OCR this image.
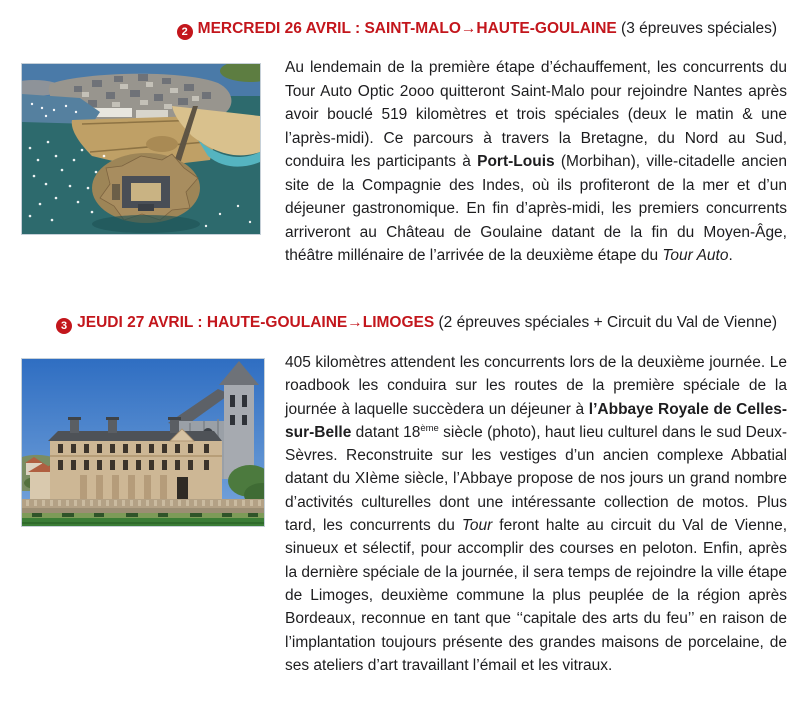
2 MERCREDI 26 AVRIL : SAINT-MALO→HAUTE-GOULAINE (3 épreuves spéciales)
Au lendemain de la première étape d’échauffement, les concurrents du Tour Auto Optic 2ooo quitteront Saint-Malo pour rejoindre Nantes après avoir bouclé 519 kilomètres et trois spéciales (deux le matin & une l’après-midi). Ce parcours à travers la Bretagne, du Nord au Sud, conduira les participants à Port-Louis (Morbihan), ville-citadelle ancien site de la Compagnie des Indes, où ils profiteront de la mer et d’un déjeuner gastronomique. En fin d’après-midi, les premiers concurrents arriveront au Château de Goulaine datant de la fin du Moyen-Âge, théâtre millénaire de l’arrivée de la deuxième étape du Tour Auto.
3 JEUDI 27 AVRIL : HAUTE-GOULAINE→LIMOGES (2 épreuves spéciales + Circuit du Val de Vienne)
405 kilomètres attendent les concurrents lors de la deuxième journée. Le roadbook les conduira sur les routes de la première spéciale de la journée à laquelle succèdera un déjeuner à l’Abbaye Royale de Celles-sur-Belle datant 18ème siècle (photo), haut lieu culturel dans le sud Deux-Sèvres. Reconstruite sur les vestiges d’un ancien complexe Abbatial datant du XIème siècle, l’Abbaye propose de nos jours un grand nombre d’activités culturelles dont une intéressante collection de motos. Plus tard, les concurrents du Tour feront halte au circuit du Val de Vienne, sinueux et sélectif, pour accomplir des courses en peloton. Enfin, après la dernière spéciale de la journée, il sera temps de rejoindre la ville étape de Limoges, deuxième commune la plus peuplée de la région après Bordeaux, reconnue en tant que ‘‘capitale des arts du feu’’ en raison de l’implantation toujours présente des grandes maisons de porcelaine, de ses ateliers d’art travaillant l’émail et les vitraux.
